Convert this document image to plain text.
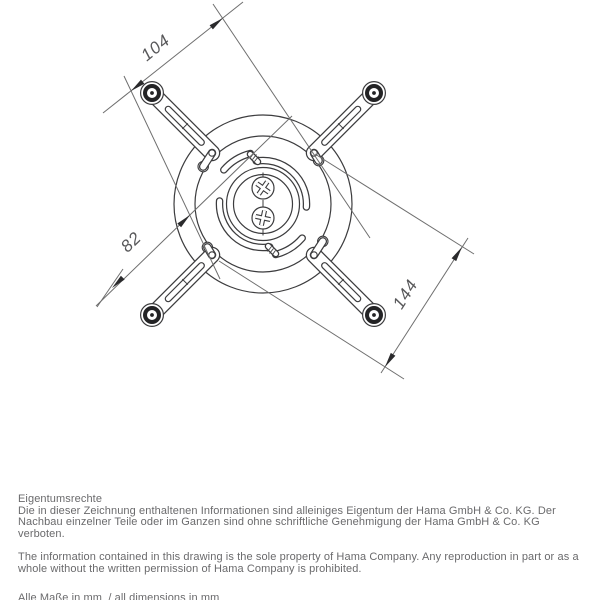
104
82
144
Eigentumsrechte
Die in dieser Zeichnung enthaltenen Informationen sind alleiniges Eigentum der Hama GmbH & Co. KG. Der
Nachbau einzelner Teile oder im Ganzen sind ohne schriftliche Genehmigung der Hama GmbH & Co. KG verboten.
The information contained in this drawing is the sole property of Hama Company. Any reproduction in part or as a
whole without the written permission of Hama Company is prohibited.
Alle Maße in mm  / all dimensions in mm
